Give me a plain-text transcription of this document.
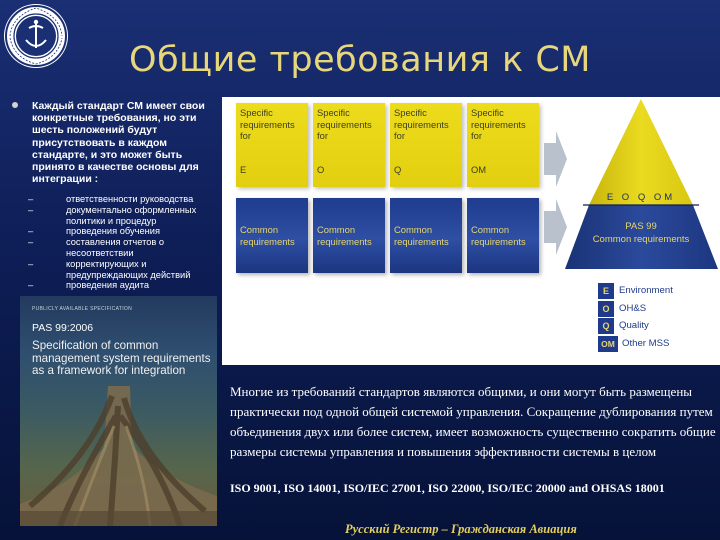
Общие требования к СМ
Каждый стандарт СМ имеет свои конкретные требования, но эти шесть положений будут присутствовать в каждом стандарте, и это может быть принято в качестве основы для интеграции :
–	ответственности руководства
–	документально оформленных политики и процедур
–	проведения обучения
–	составления отчетов о несоответствии
–	корректирующих и предупреждающих действий
–	проведения аудита
Specific requirements for
E
Common requirements
Specific requirements for
O
Common requirements
Specific requirements for
Q
Common requirements
Specific requirements for
OM
Common requirements
E O Q OM
PAS 99
Common requirements
E	Environment
O OH&S
Q Quality
OM Other MSS
PUBLICLY AVAILABLE SPECIFICATION
PAS 99:2006
Specification of common management system requirements as a framework for integration
Многие из требований стандартов являются общими, и они могут быть размещены практически под одной общей системой управления. Сокращение дублирования путем объединения двух или более систем, имеет возможность существенно сократить общие размеры системы управления и повышения эффективности системы в целом
ISO 9001, ISO 14001, ISO/IEC 27001, ISO 22000, ISO/IEC 20000 and OHSAS 18001
Русский Регистр – Гражданская Авиация
